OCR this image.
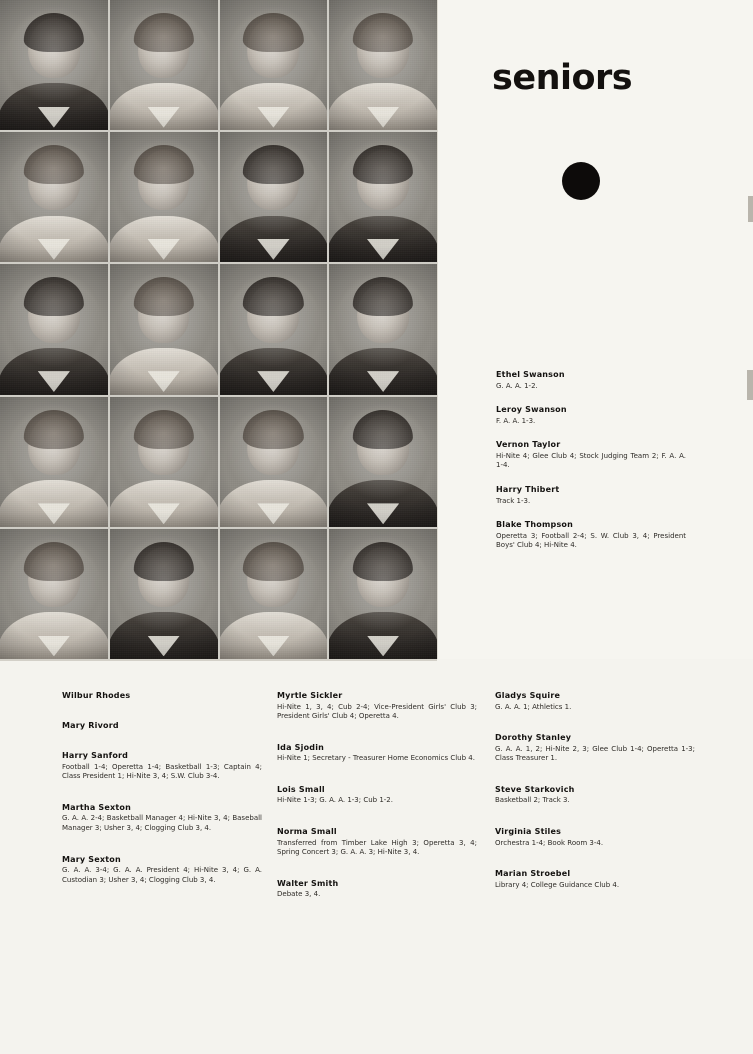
seniors
Ethel Swanson
G. A. A. 1-2.
Leroy Swanson
F. A. A. 1-3.
Vernon Taylor
Hi-Nite 4; Glee Club 4; Stock Judging Team 2; F. A. A. 1-4.
Harry Thibert
Track 1-3.
Blake Thompson
Operetta 3; Football 2-4; S. W. Club 3, 4; President Boys' Club 4; Hi-Nite 4.
Wilbur Rhodes
Mary Rivord
Harry Sanford
Football 1-4; Operetta 1-4; Basketball 1-3; Captain 4; Class President 1; Hi-Nite 3, 4; S.W. Club 3-4.
Martha Sexton
G. A. A. 2-4; Basketball Manager 4; Hi-Nite 3, 4; Baseball Manager 3; Usher 3, 4; Clogging Club 3, 4.
Mary Sexton
G. A. A. 3-4; G. A. A. President 4; Hi-Nite 3, 4; G. A. Custodian 3; Usher 3, 4; Clogging Club 3, 4.
Myrtle Sickler
Hi-Nite 1, 3, 4; Cub 2-4; Vice-President Girls' Club 3; President Girls' Club 4; Operetta 4.
Ida Sjodin
Hi-Nite 1; Secretary - Treasurer Home Economics Club 4.
Lois Small
Hi-Nite 1-3; G. A. A. 1-3; Cub 1-2.
Norma Small
Transferred from Timber Lake High 3; Operetta 3, 4; Spring Concert 3; G. A. A. 3; Hi-Nite 3, 4.
Walter Smith
Debate 3, 4.
Gladys Squire
G. A. A. 1; Athletics 1.
Dorothy Stanley
G. A. A. 1, 2; Hi-Nite 2, 3; Glee Club 1-4; Operetta 1-3; Class Treasurer 1.
Steve Starkovich
Basketball 2; Track 3.
Virginia Stiles
Orchestra 1-4; Book Room 3-4.
Marian Stroebel
Library 4; College Guidance Club 4.
